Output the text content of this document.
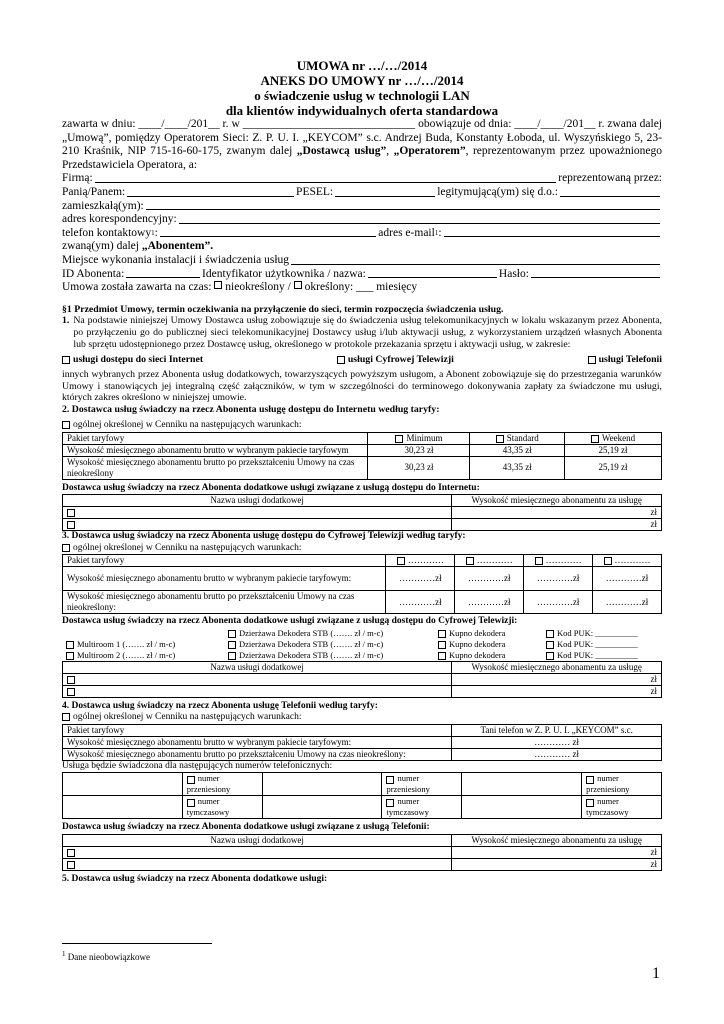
UMOWA nr …/…/2014
ANEKS DO UMOWY nr …/…/2014
o świadczenie usług w technologii LAN
dla klientów indywidualnych oferta standardowa
zawarta w dniu: ____/____/201__ r. w ______________________________ obowiązuje od dnia: ____/____/201__ r. zwana dalej „Umową”, pomiędzy Operatorem Sieci: Z. P. U. I. „KEYCOM” s.c. Andrzej Buda, Konstanty Łoboda, ul. Wyszyńskiego 5, 23-210 Kraśnik, NIP 715-16-60-175, zwanym dalej „Dostawcą usług”, „Operatorem”, reprezentowanym przez upoważnionego Przedstawiciela Operatora, a:
Firmą:	reprezentowaną przez:
Panią/Panem:	PESEL:	legitymującą(ym) się d.o.:
zamieszkałą(ym):
adres korespondencyjny:
telefon kontaktowy 1 :	adres e-mail 1 :
zwaną(ym) dalej
„Abonentem”.
Miejsce wykonania instalacji i świadczenia usług
ID Abonenta:	Identyfikator użytkownika / nazwa:	Hasło:
Umowa została zawarta na czas:
nieokreślony /
określony: ___ miesięcy
§1 Przedmiot Umowy, termin oczekiwania na przyłączenie do sieci, termin rozpoczęcia świadczenia usług.
1. Na podstawie niniejszej Umowy Dostawca usług zobowiązuje się do świadczenia usług telekomunikacyjnych w lokalu wskazanym przez Abonenta, po przyłączeniu go do publicznej sieci telekomunikacyjnej Dostawcy usług i/lub aktywacji usług, z wykorzystaniem urządzeń własnych Abonenta lub sprzętu udostępnionego przez Dostawcę usług, określonego w protokole przekazania sprzętu i aktywacji usług, w zakresie:
usługi dostępu do sieci Internet	usługi Cyfrowej Telewizji	usługi Telefonii
innych wybranych przez Abonenta usług dodatkowych, towarzyszących powyższym usługom, a Abonent zobowiązuje się do przestrzegania warunków Umowy i stanowiących jej integralną część załączników, w tym w szczególności do terminowego dokonywania zapłaty za świadczone mu usługi, których zakres określono w niniejszej umowie.
2. Dostawca usług świadczy na rzecz Abonenta usługę dostępu do Internetu według taryfy:
ogólnej określonej w Cenniku na następujących warunkach:
Pakiet taryfowy	Minimum	Standard	Weekend
Wysokość miesięcznego abonamentu brutto w wybranym pakiecie taryfowym	30,23 zł	43,35 zł	25,19 zł
Wysokość miesięcznego abonamentu brutto po przekształceniu Umowy na czas nieokreślony	30,23 zł	43,35 zł	25,19 zł
Dostawca usług świadczy na rzecz Abonenta dodatkowe usługi związane z usługą dostępu do Internetu:
Nazwa usługi dodatkowej	Wysokość miesięcznego abonamentu za usługę
	zł
	zł
3. Dostawca usług świadczy na rzecz Abonenta usługę dostępu do Cyfrowej Telewizji według taryfy:
ogólnej określonej w Cenniku na następujących warunkach:
Pakiet taryfowy	…………	…………	…………	…………
Wysokość miesięcznego abonamentu brutto w wybranym pakiecie taryfowym:	…………zł	…………zł	…………zł	…………zł
Wysokość miesięcznego abonamentu brutto po przekształceniu Umowy na czas nieokreślony:	…………zł	…………zł	…………zł	…………zł
Dostawca usług świadczy na rzecz Abonenta dodatkowe usługi związane z usługą dostępu do Cyfrowej Telewizji:
	Dzierżawa Dekodera STB (……. zł / m-c)	Kupno dekodera	Kod PUK: __________
Multiroom 1 (……. zł / m-c)	Dzierżawa Dekodera STB (……. zł / m-c)	Kupno dekodera	Kod PUK: __________
Multiroom 2 (……. zł / m-c)	Dzierżawa Dekodera STB (……. zł / m-c)	Kupno dekodera	Kod PUK: __________
Nazwa usługi dodatkowej	Wysokość miesięcznego abonamentu za usługę
	zł
	zł
4. Dostawca usług świadczy na rzecz Abonenta usługę Telefonii według taryfy:
ogólnej określonej w Cenniku na następujących warunkach:
Pakiet taryfowy	Tani telefon w Z. P. U. I. „KEYCOM” s.c.
Wysokość miesięcznego abonamentu brutto w wybranym pakiecie taryfowym:	………… zł
Wysokość miesięcznego abonamentu brutto po przekształceniu Umowy na czas nieokreślony:	………… zł
Usługa będzie świadczona dla następujących numerów telefonicznych:
	numer przeniesiony		numer przeniesiony		numer przeniesiony
	numer tymczasowy		numer tymczasowy		numer tymczasowy
Dostawca usług świadczy na rzecz Abonenta dodatkowe usługi związane z usługą Telefonii:
Nazwa usługi dodatkowej	Wysokość miesięcznego abonamentu za usługę
	zł
	zł
5. Dostawca usług świadczy na rzecz Abonenta dodatkowe usługi:
$^1$ Dane nieobowiązkowe
1
